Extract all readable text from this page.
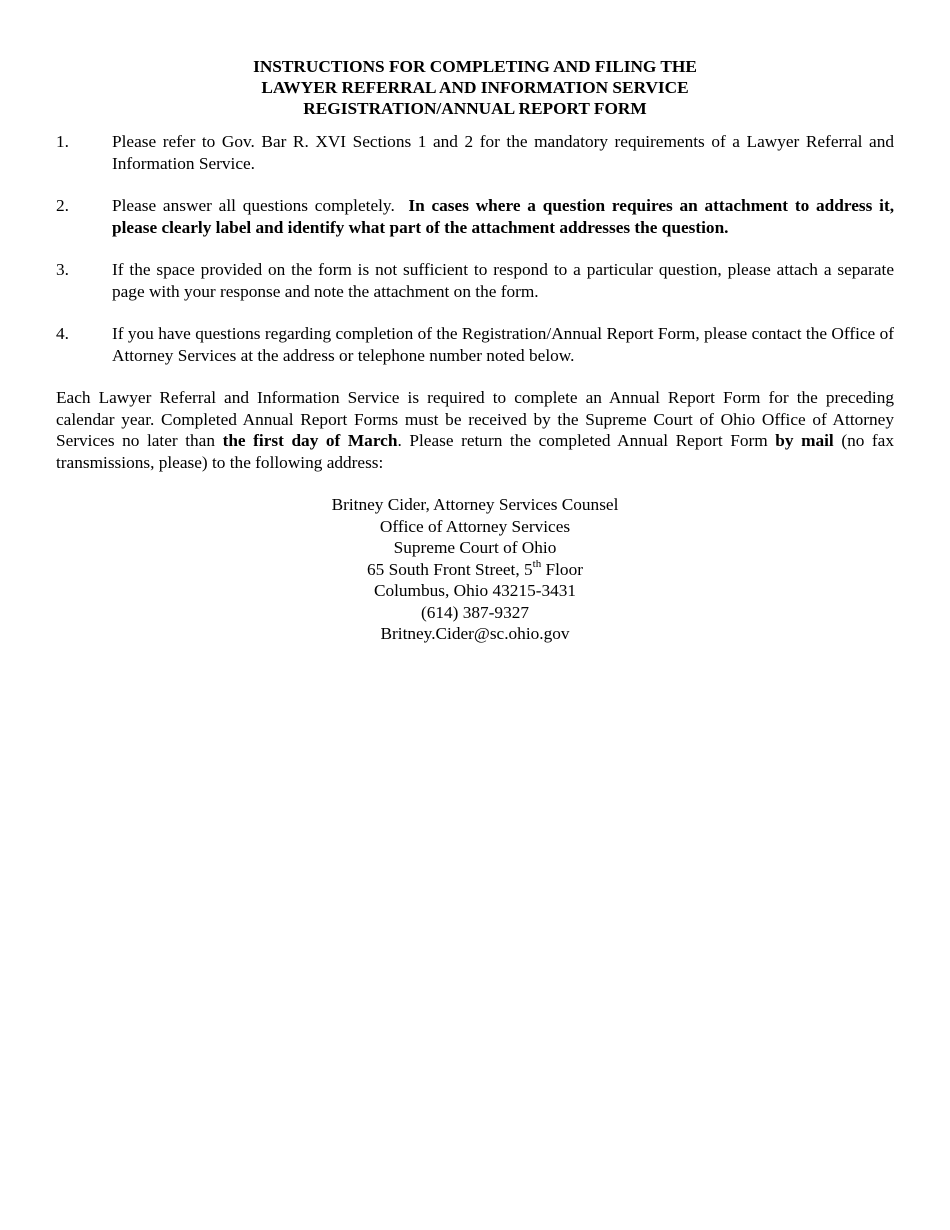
INSTRUCTIONS FOR COMPLETING AND FILING THE
LAWYER REFERRAL AND INFORMATION SERVICE
REGISTRATION/ANNUAL REPORT FORM
1. Please refer to Gov. Bar R. XVI Sections 1 and 2 for the mandatory requirements of a Lawyer Referral and Information Service.
2. Please answer all questions completely. In cases where a question requires an attachment to address it, please clearly label and identify what part of the attachment addresses the question.
3. If the space provided on the form is not sufficient to respond to a particular question, please attach a separate page with your response and note the attachment on the form.
4. If you have questions regarding completion of the Registration/Annual Report Form, please contact the Office of Attorney Services at the address or telephone number noted below.
Each Lawyer Referral and Information Service is required to complete an Annual Report Form for the preceding calendar year. Completed Annual Report Forms must be received by the Supreme Court of Ohio Office of Attorney Services no later than the first day of March. Please return the completed Annual Report Form by mail (no fax transmissions, please) to the following address:
Britney Cider, Attorney Services Counsel
Office of Attorney Services
Supreme Court of Ohio
65 South Front Street, 5th Floor
Columbus, Ohio 43215-3431
(614) 387-9327
Britney.Cider@sc.ohio.gov
